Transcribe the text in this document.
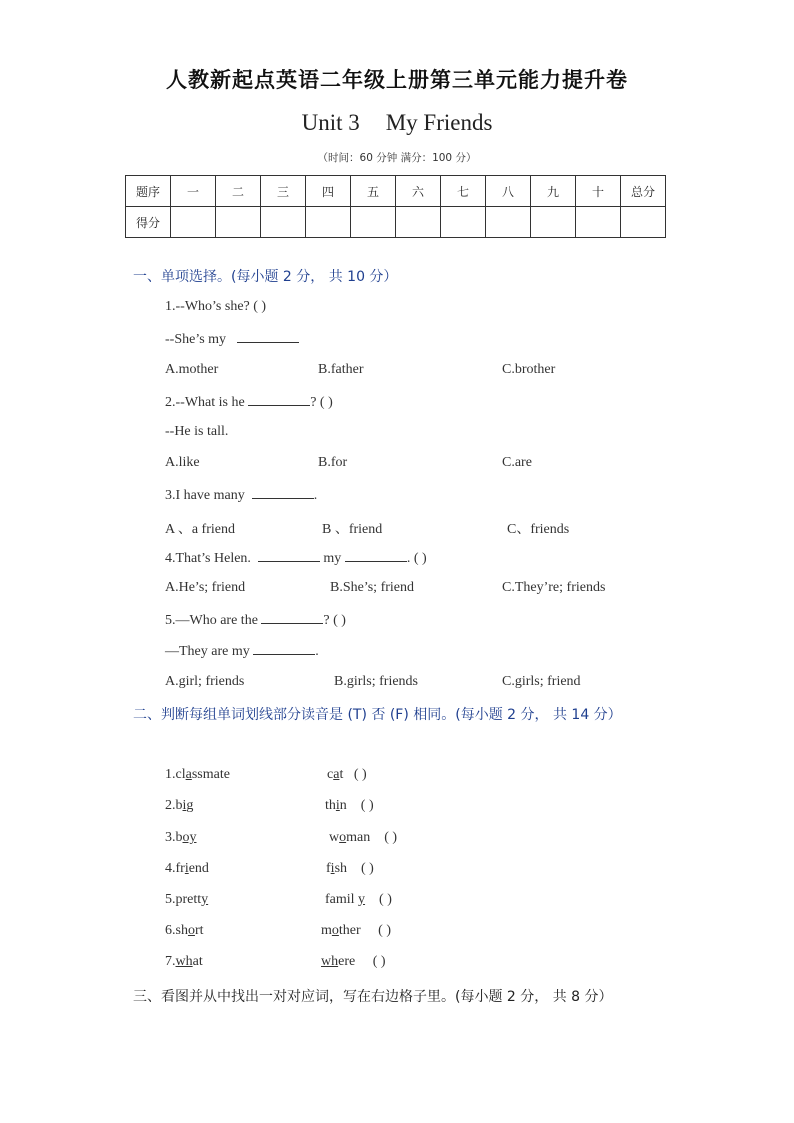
人教新起点英语二年级上册第三单元能力提升卷
Unit 3 My Friends
（时间：60 分钟 满分：100 分）
题序	一	二	三	四	五	六	七	八	九	十	总分
得分											
一、单项选择。(每小题 2 分， 共 10 分）
1.--Who’s she? ( )
--She’s my
A.mother	B.father	C.brother
2.--What is he	? ( )
--He is tall.
A.like	B.for	C.are
3.I have many	.
A 、a friend	B 、friend	C、friends
4.That’s Helen.	my	. ( )
A.He’s; friend	B.She’s; friend	C.They’re; friends
5.—Who are the	? ( )
—They are my	.
A.girl; friends	B.girls; friends	C.girls; friend
二、判断每组单词划线部分读音是 (T) 否 (F) 相同。(每小题 2 分， 共 14 分）
1.classmate	cat ( )
2.big	thin ( )
3.boy	woman ( )
4.friend	fish ( )
5.pretty	famil y ( )
6.short	mother ( )
7.what	where ( )
三、看图并从中找出一对对应词，写在右边格子里。(每小题 2 分， 共 8 分）
